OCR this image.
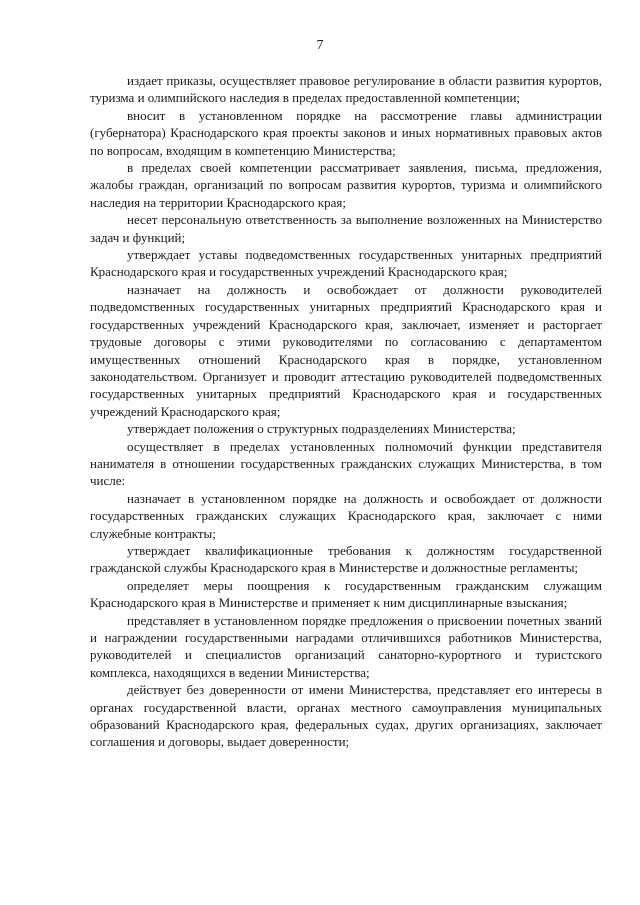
7

издает приказы, осуществляет правовое регулирование в области развития курортов, туризма и олимпийского наследия в пределах предоставленной компетенции;

вносит в установленном порядке на рассмотрение главы администрации (губернатора) Краснодарского края проекты законов и иных нормативных правовых актов по вопросам, входящим в компетенцию Министерства;

в пределах своей компетенции рассматривает заявления, письма, предложения, жалобы граждан, организаций по вопросам развития курортов, туризма и олимпийского наследия на территории Краснодарского края;

несет персональную ответственность за выполнение возложенных на Министерство задач и функций;

утверждает уставы подведомственных государственных унитарных предприятий Краснодарского края и государственных учреждений Краснодарского края;

назначает на должность и освобождает от должности руководителей подведомственных государственных унитарных предприятий Краснодарского края и государственных учреждений Краснодарского края, заключает, изменяет и расторгает трудовые договоры с этими руководителями по согласованию с департаментом имущественных отношений Краснодарского края в порядке, установленном законодательством. Организует и проводит аттестацию руководителей подведомственных государственных унитарных предприятий Краснодарского края и государственных учреждений Краснодарского края;

утверждает положения о структурных подразделениях Министерства;

осуществляет в пределах установленных полномочий функции представителя нанимателя в отношении государственных гражданских служащих Министерства, в том числе:

назначает в установленном порядке на должность и освобождает от должности государственных гражданских служащих Краснодарского края, заключает с ними служебные контракты;

утверждает квалификационные требования к должностям государственной гражданской службы Краснодарского края в Министерстве и должностные регламенты;

определяет меры поощрения к государственным гражданским служащим Краснодарского края в Министерстве и применяет к ним дисциплинарные взыскания;

представляет в установленном порядке предложения о присвоении почетных званий и награждении государственными наградами отличившихся работников Министерства, руководителей и специалистов организаций санаторно-курортного и туристского комплекса, находящихся в ведении Министерства;

действует без доверенности от имени Министерства, представляет его интересы в органах государственной власти, органах местного самоуправления муниципальных образований Краснодарского края, федеральных судах, других организациях, заключает соглашения и договоры, выдает доверенности;
